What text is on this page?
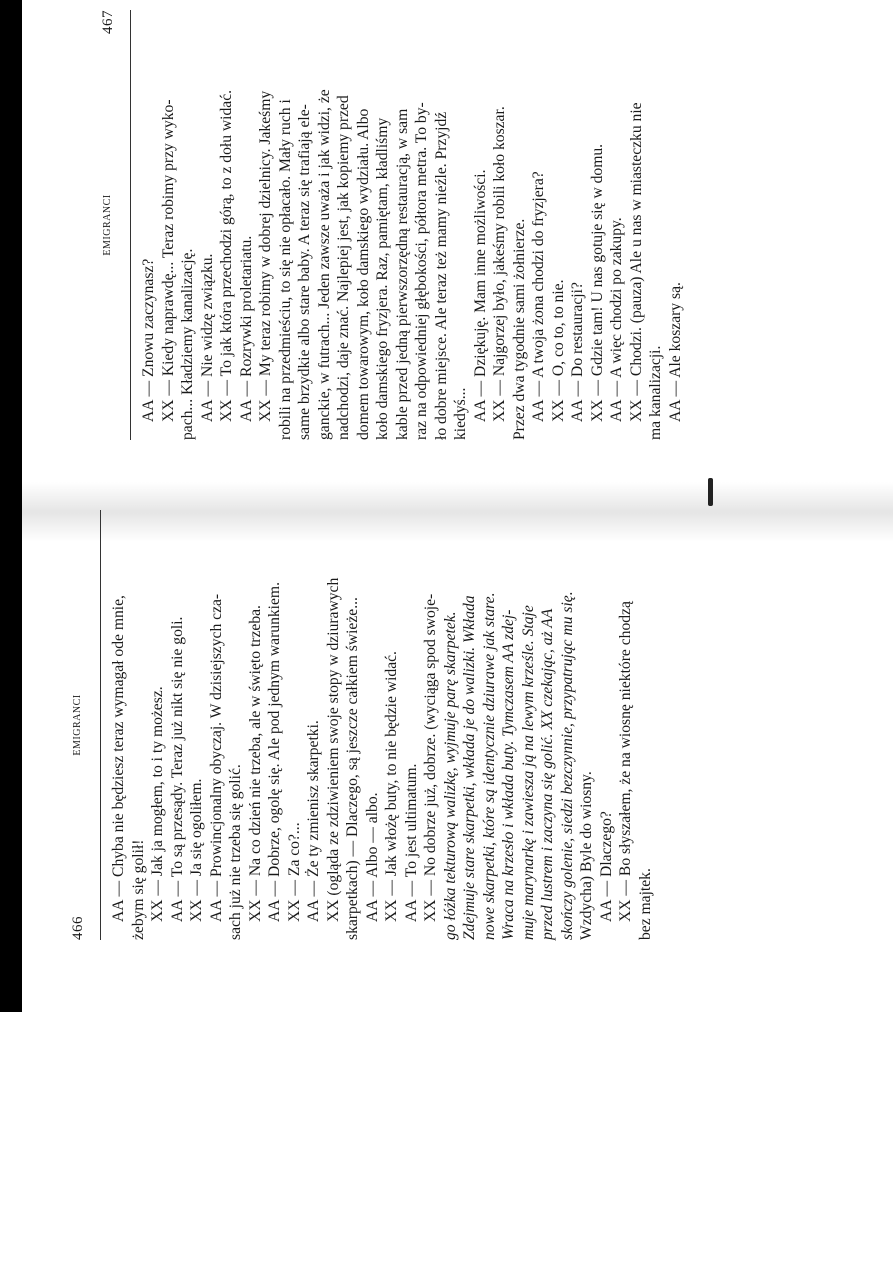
466
EMIGRANCI AA — Chyba nie będziesz teraz wymagał ode mnie, żebym się golił! XX — Jak ja mogłem, to i ty możesz. AA — To są przesądy. Teraz już nikt się nie goli. XX — Ja się ogoliłem. AA — Prowincjonalny obyczaj. W dzisiejszych cza- sach już nie trzeba się golić. XX — Na co dzień nie trzeba, ale w święto trzeba. AA — Dobrze, ogolę się. Ale pod jednym warunkiem. XX — Za co?... AA — Że ty zmienisz skarpetki. XX (ogląda ze zdziwieniem swoje stopy w dziurawych skarpetkach) — Dlaczego, są jeszcze całkiem świeże... AA — Albo — albo. XX — Jak włożę buty, to nie będzie widać. AA — To jest ultimatum. XX — No dobrze już, dobrze. (wyciąga spod swoje- go łóżka tekturową walizkę, wyjmuje parę skarpetek. Zdejmuje stare skarpetki, wkłada je do walizki. Wkłada nowe skarpetki, które są identycznie dziurawe jak stare. Wraca na krzesło i wkłada buty. Tymczasem AA zdej- muje marynarkę i zawiesza ją na lewym krześle. Staje przed lustrem i zaczyna się golić. XX czekając, aż AA skończy golenie, siedzi bezczynnie, przypatrując mu się. Wzdycha) Byle do wiosny. AA — Dlaczego? XX — Bo słyszałem, że na wiosnę niektóre chodzą bez majtek.
EMIGRANCI
467
AA — Znowu zaczynasz? XX — Kiedy naprawdę... Teraz robimy przy wyko- pach... Kładziemy kanalizację. AA — Nie widzę związku. XX — To jak która przechodzi górą, to z dołu widać. AA — Rozrywki proletariatu. XX — My teraz robimy w dobrej dzielnicy. Jakeśmy robili na przedmieściu, to się nie opłacało. Mały ruch i same brzydkie albo stare baby. A teraz się trafiają ele- ganckie, w futrach... Jeden zawsze uważa i jak widzi, że nadchodzi, daje znać. Najlepiej jest, jak kopiemy przed domem towarowym, koło damskiego wydziału. Albo koło damskiego fryzjera. Raz, pamiętam, kładliśmy kable przed jedną pierwszorzędną restauracją, w sam raz na odpowiedniej głębokości, półtora metra. To by- ło dobre miejsce. Ale teraz też mamy nieźle. Przyjdź kiedyś... AA — Dziękuję. Mam inne możliwości. XX — Najgorzej było, jakeśmy robili koło koszar. Przez dwa tygodnie sami żołnierze. AA — A twoja żona chodzi do fryzjera? XX — O, co to, to nie. AA — Do restauracji? XX — Gdzie tam! U nas gotuje się w domu. AA — A więc chodzi po zakupy. XX — Chodzi. (pauza) Ale u nas w miasteczku nie ma kanalizacji. AA — Ale koszary są.
